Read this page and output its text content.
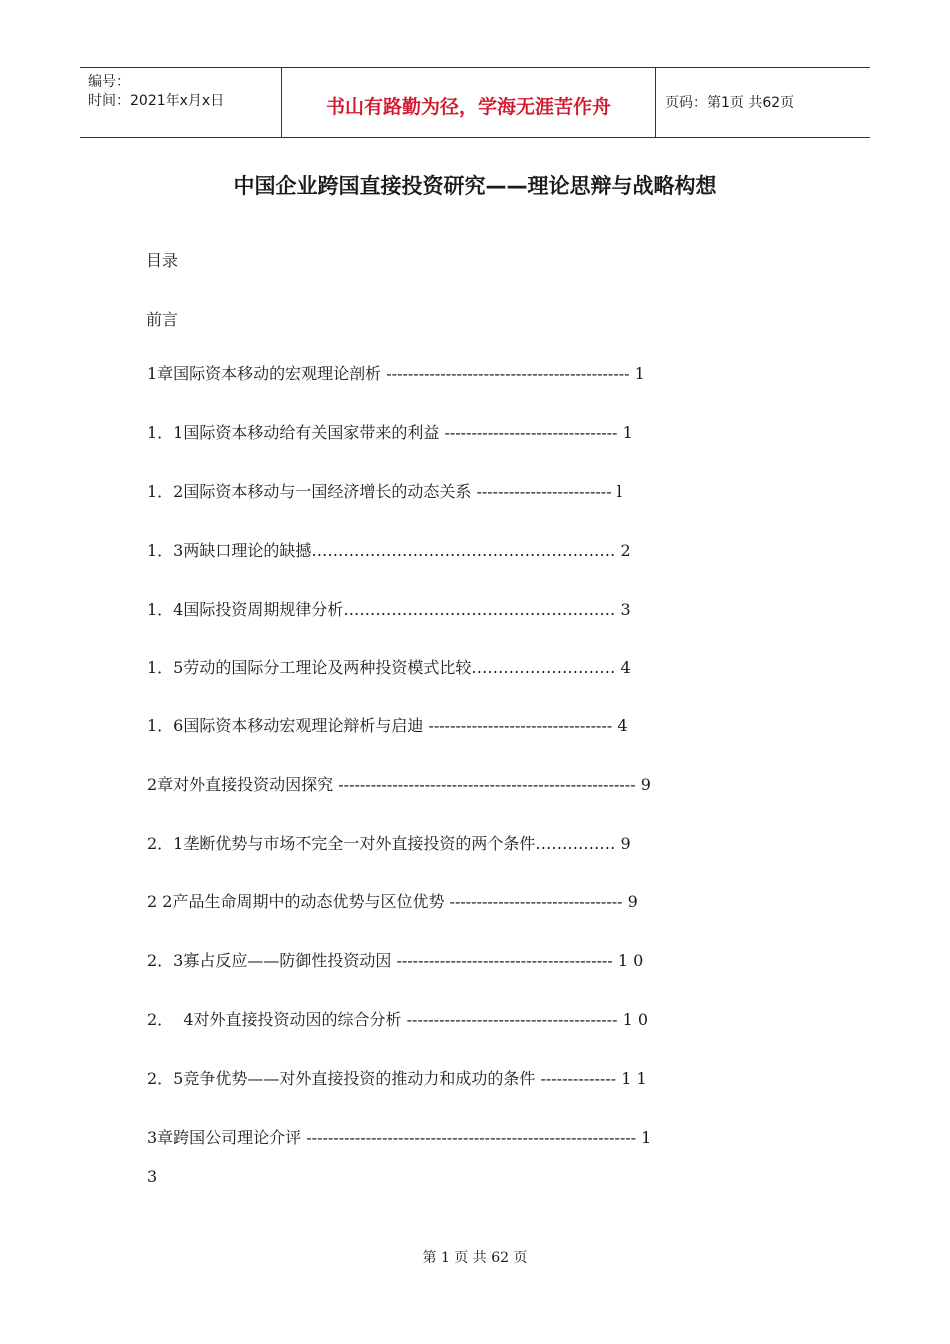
编号：
时间：2021年x月x日	书山有路勤为径，学海无涯苦作舟	页码：第1页 共62页
中国企业跨国直接投资研究——理论思辩与战略构想
目录
前言
1章国际资本移动的宏观理论剖析 --------------------------------------------- 1
1．1国际资本移动给有关国家带来的利益 -------------------------------- 1
1．2国际资本移动与一国经济增长的动态关系 ------------------------- l
1．3两缺口理论的缺撼………………………………………………… 2
1．4国际投资周期规律分析…………………………………………… 3
1．5劳动的国际分工理论及两种投资模式比较……………………… 4
1．6国际资本移动宏观理论辩析与启迪 ---------------------------------- 4
2章对外直接投资动因探究 ------------------------------------------------------- 9
2．1垄断优势与市场不完全一对外直接投资的两个条件…………… 9
2 2产品生命周期中的动态优势与区位优势 -------------------------------- 9
2．3寡占反应——防御性投资动因 ---------------------------------------- 1 0
2．  4对外直接投资动因的综合分析 --------------------------------------- 1 0
2．5竞争优势——对外直接投资的推动力和成功的条件 -------------- 1 1
3章跨国公司理论介评 ------------------------------------------------------------- 1
3
第 1 页 共 62 页
